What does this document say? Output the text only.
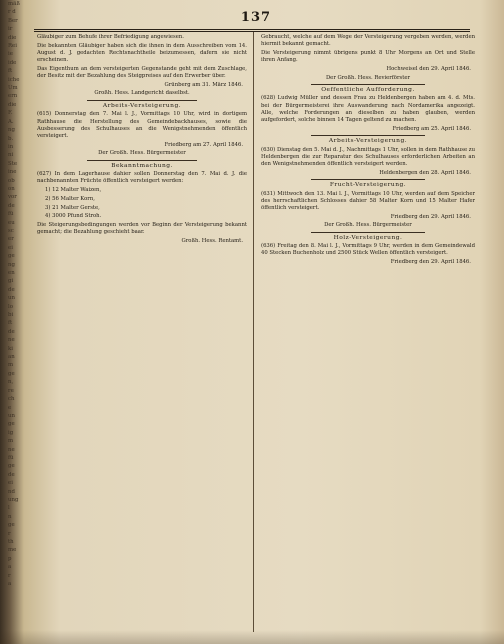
mäß
r d
Ber
ir
die
Rei
ie
ide
ft
iche
Um
ern
die
F.
A.
ng
b.
in
ni
Ste
ine
ob
on
vor
de
fü
eu
sc
er
ei
ge
ng
en
gi
de
un
lo
bi
ft
de
ne
ki
an
m
ge
n,
re
ch
e
un
ge
ig
m
ne
fü
ge
de
ei
nd
ung
l
n
ge
r
th
me
p
a
r
a
137
Gläubiger zum Behufe ihrer Befriedigung angewiesen.
Die bekannten Gläubiger haben sich die ihnen in dem Ausschreiben vom 14. August d. J. gedachten Rechtsnachtheile beizumessen, dafern sie nicht erscheinen.
Das Eigenthum an dem versteigerten Gegenstande geht mit dem Zuschlage, der Besitz mit der Bezahlung des Steigpreises auf den Erwerber über.
Grünberg am 31. März 1846.
Großh. Hess. Landgericht daselbst.
Arbeits-Versteigerung.
(615) Donnerstag den 7. Mai l. J., Vormittags 10 Uhr, wird in dortigem Rathhause die Herstellung des Gemeindebackhauses, sowie die Ausbesserung des Schulhauses an die Wenigstnehmenden öffentlich versteigert.
Friedberg am 27. April 1846.
Der Großh. Hess. Bürgermeister
Bekanntmachung.
(627) In dem Lagerhause dahier sollen Donnerstag den 7. Mai d. J. die nachbenannten Früchte öffentlich versteigert werden:
1) 12 Malter Waizen,
2) 56 Malter Korn,
3) 21 Malter Gerste,
4) 3000 Pfund Stroh.
Die Steigerungsbedingungen werden vor Beginn der Versteigerung bekannt gemacht; die Bezahlung geschieht baar.
Großh. Hess. Rentamt.
Gebraucht, welche auf dem Wege der Versteigerung vergeben werden, werden hiermit bekannt gemacht.
Die Versteigerung nimmt übrigens punkt 8 Uhr Morgens an Ort und Stelle ihren Anfang.
Hochweisel den 29. April 1846.
Der Großh. Hess. Revierförster
Oeffentliche Aufforderung.
(628) Ludwig Müller und dessen Frau zu Heldenbergen haben am 4. d. Mts. bei der Bürgermeisterei ihre Auswanderung nach Nordamerika angezeigt. Alle, welche Forderungen an dieselben zu haben glauben, werden aufgefordert, solche binnen 14 Tagen geltend zu machen.
Friedberg am 25. April 1846.
Arbeits-Versteigerung.
(630) Dienstag den 5. Mai d. J., Nachmittags 1 Uhr, sollen in dem Rathhause zu Heldenbergen die zur Reparatur des Schulhauses erforderlichen Arbeiten an den Wenigstnehmenden öffentlich versteigert werden.
Heldenbergen den 28. April 1846.
Frucht-Versteigerung.
(631) Mittwoch den 13. Mai l. J., Vormittags 10 Uhr, werden auf dem Speicher des herrschaftlichen Schlosses dahier 58 Malter Korn und 15 Malter Hafer öffentlich versteigert.
Friedberg den 29. April 1846.
Der Großh. Hess. Bürgermeister
Holz-Versteigerung.
(636) Freitag den 8. Mai l. J., Vormittags 9 Uhr, werden in dem Gemeindewald 40 Stecken Buchenholz und 2500 Stück Wellen öffentlich versteigert.
Friedberg den 29. April 1846.
